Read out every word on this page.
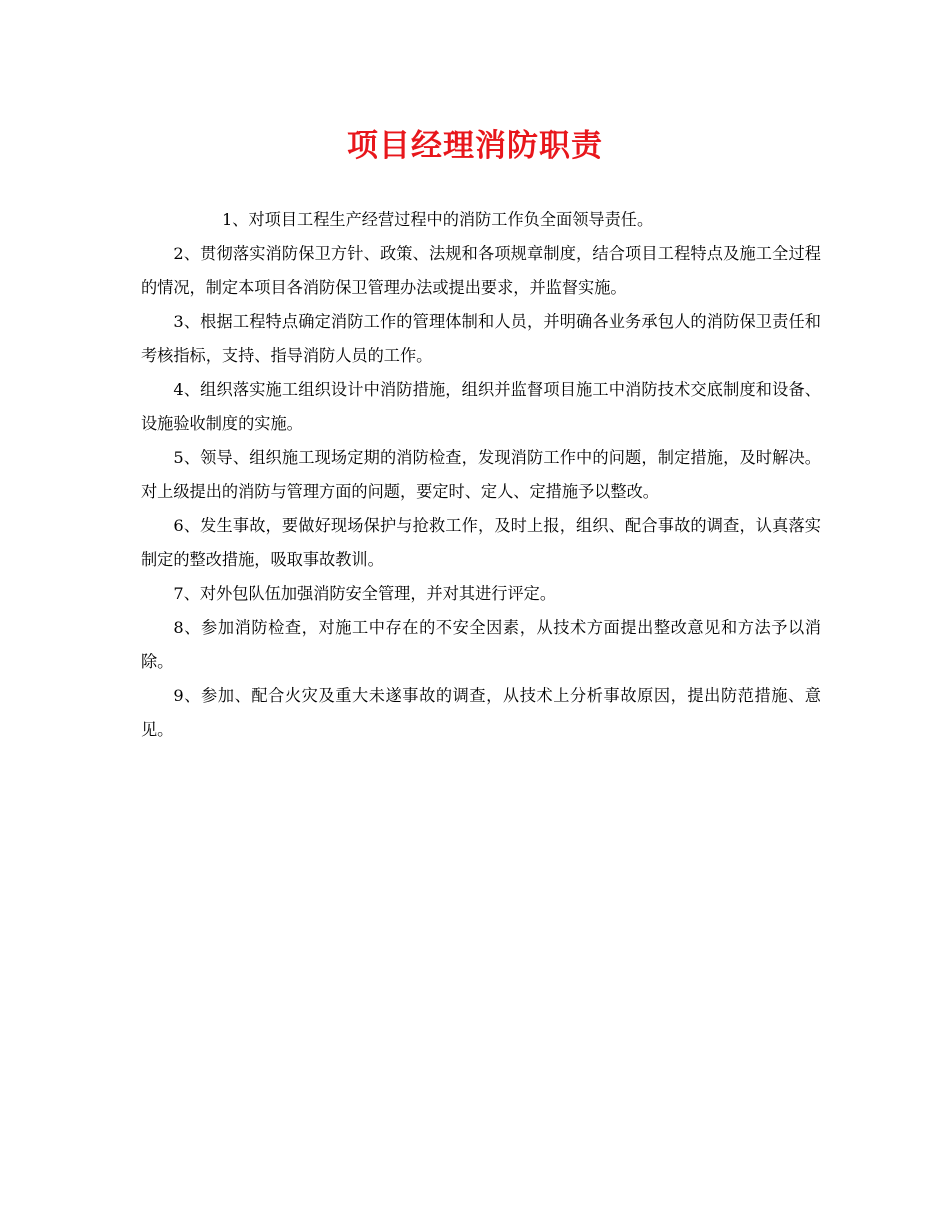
项目经理消防职责

1、对项目工程生产经营过程中的消防工作负全面领导责任。

2、贯彻落实消防保卫方针、政策、法规和各项规章制度，结合项目工程特点及施工全过程的情况，制定本项目各消防保卫管理办法或提出要求，并监督实施。

3、根据工程特点确定消防工作的管理体制和人员，并明确各业务承包人的消防保卫责任和考核指标，支持、指导消防人员的工作。

4、组织落实施工组织设计中消防措施，组织并监督项目施工中消防技术交底制度和设备、设施验收制度的实施。

5、领导、组织施工现场定期的消防检查，发现消防工作中的问题，制定措施，及时解决。对上级提出的消防与管理方面的问题，要定时、定人、定措施予以整改。

6、发生事故，要做好现场保护与抢救工作，及时上报，组织、配合事故的调查，认真落实制定的整改措施，吸取事故教训。

7、对外包队伍加强消防安全管理，并对其进行评定。

8、参加消防检查，对施工中存在的不安全因素，从技术方面提出整改意见和方法予以消除。

9、参加、配合火灾及重大未遂事故的调查，从技术上分析事故原因，提出防范措施、意见。
